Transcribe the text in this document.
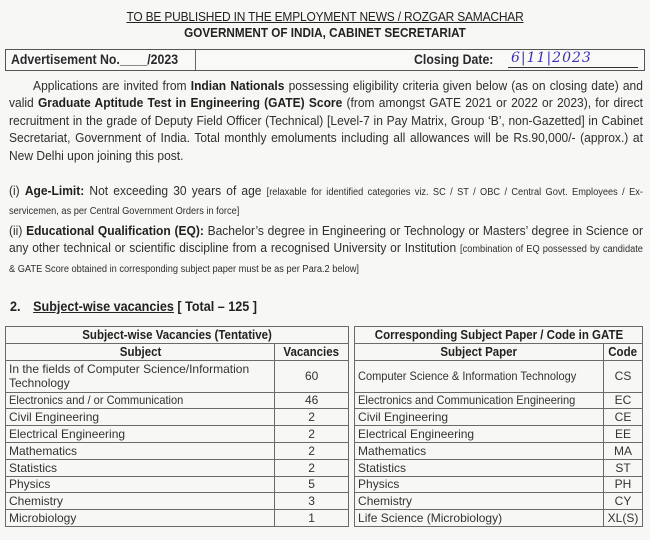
TO BE PUBLISHED IN THE EMPLOYMENT NEWS / ROZGAR SAMACHAR
GOVERNMENT OF INDIA, CABINET SECRETARIAT
Advertisement No.____/2023	Closing Date: 6|11|2023
Applications are invited from Indian Nationals possessing eligibility criteria given below (as on closing date) and valid Graduate Aptitude Test in Engineering (GATE) Score (from amongst GATE 2021 or 2022 or 2023), for direct recruitment in the grade of Deputy Field Officer (Technical) [Level-7 in Pay Matrix, Group ‘B’, non-Gazetted] in Cabinet Secretariat, Government of India. Total monthly emoluments including all allowances will be Rs.90,000/- (approx.) at New Delhi upon joining this post.
(i) Age-Limit: Not exceeding 30 years of age [relaxable for identified categories viz. SC / ST / OBC / Central Govt. Employees / Ex-servicemen, as per Central Government Orders in force]
(ii) Educational Qualification (EQ): Bachelor’s degree in Engineering or Technology or Masters’ degree in Science or any other technical or scientific discipline from a recognised University or Institution [combination of EQ possessed by candidate & GATE Score obtained in corresponding subject paper must be as per Para.2 below]
2. Subject-wise vacancies [ Total – 125 ]
Subject-wise Vacancies (Tentative)			Corresponding Subject Paper / Code in GATE	
Subject	Vacancies		Subject Paper	Code
In the fields of Computer Science/Information Technology	60		Computer Science & Information Technology	CS
Electronics and / or Communication	46		Electronics and Communication Engineering	EC
Civil Engineering	2		Civil Engineering	CE
Electrical Engineering	2		Electrical Engineering	EE
Mathematics	2		Mathematics	MA
Statistics	2		Statistics	ST
Physics	5		Physics	PH
Chemistry	3		Chemistry	CY
Microbiology	1		Life Science (Microbiology)	XL(S)
